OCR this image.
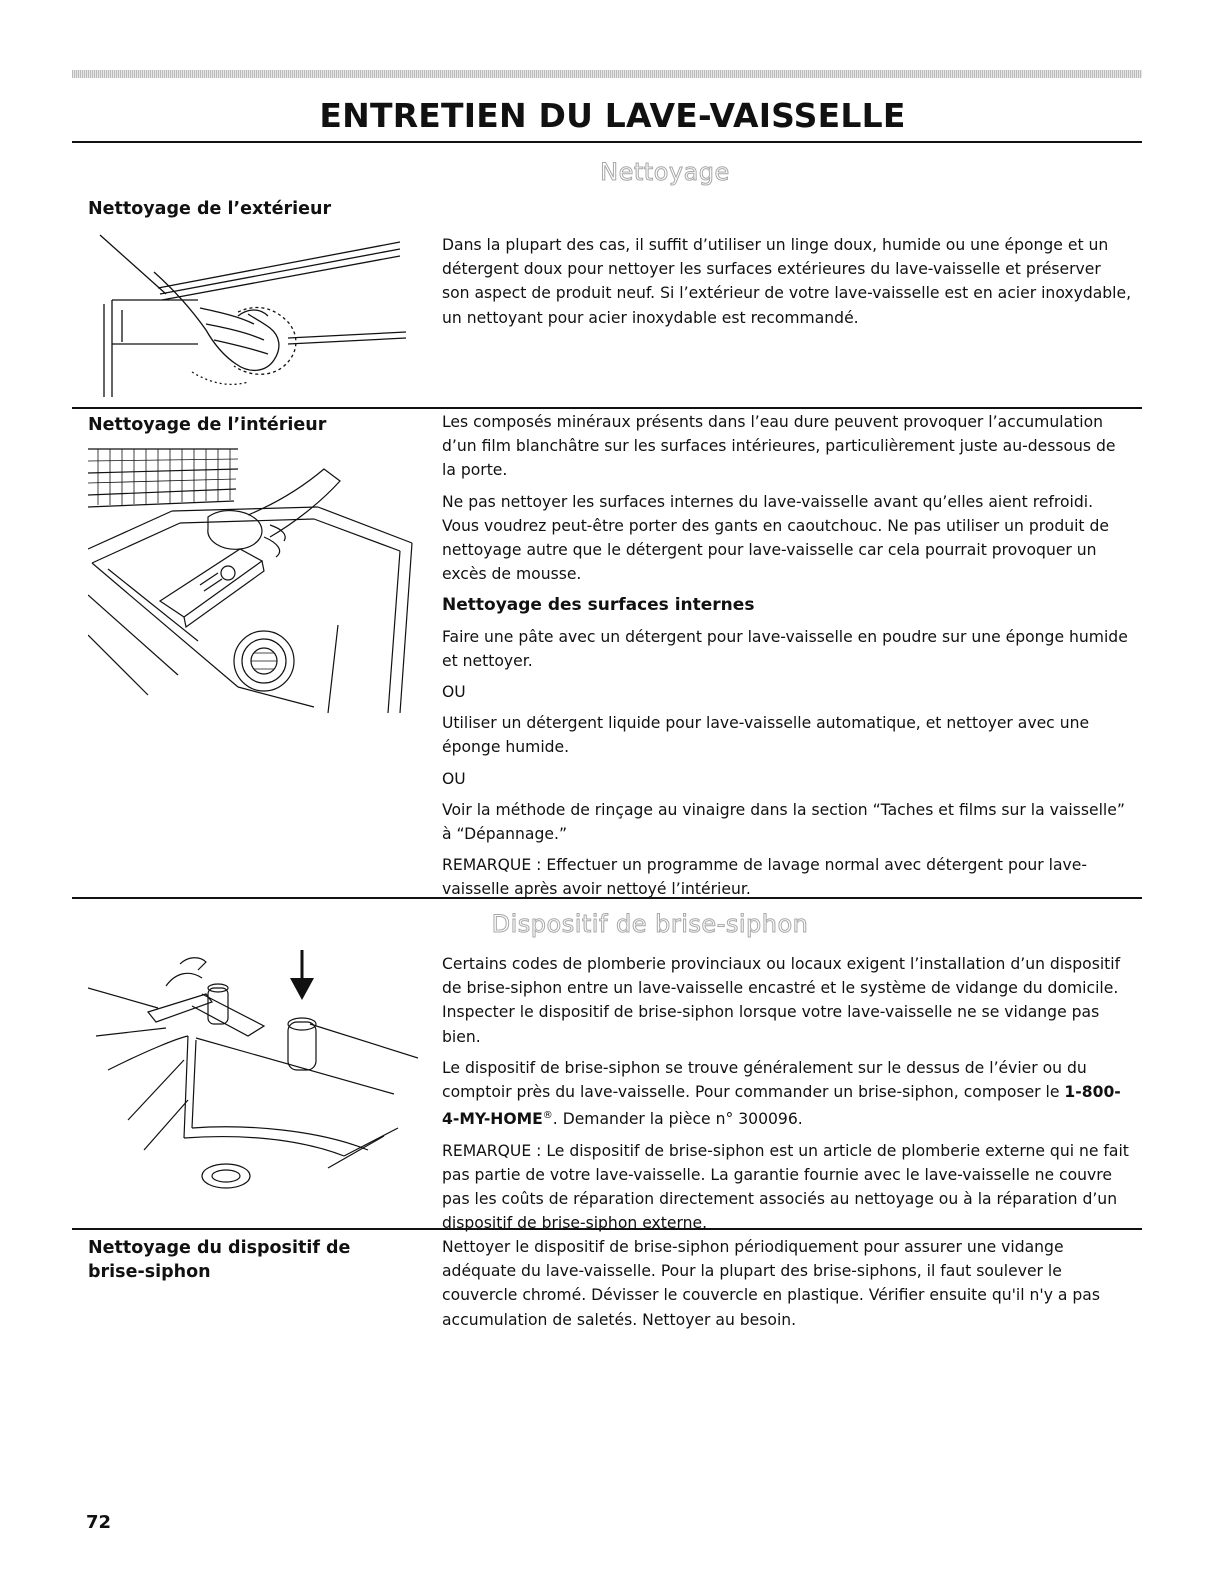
ENTRETIEN DU LAVE-VAISSELLE
Nettoyage
Nettoyage de l’extérieur

Dans la plupart des cas, il suffit d’utiliser un linge doux, humide ou une éponge et un détergent doux pour nettoyer les surfaces extérieures du lave-vaisselle et préserver son aspect de produit neuf. Si l’extérieur de votre lave-vaisselle est en acier inoxydable, un nettoyant pour acier inoxydable est recommandé.

Nettoyage de l’intérieur	Les composés minéraux présents dans l’eau dure peuvent provoquer l’accumulation d’un film blanchâtre sur les surfaces intérieures, particulièrement juste au-dessous de la porte.

Ne pas nettoyer les surfaces internes du lave-vaisselle avant qu’elles aient refroidi. Vous voudrez peut-être porter des gants en caoutchouc. Ne pas utiliser un produit de nettoyage autre que le détergent pour lave-vaisselle car cela pourrait provoquer un excès de mousse.

Nettoyage des surfaces internes

Faire une pâte avec un détergent pour lave-vaisselle en poudre sur une éponge humide et nettoyer.

OU

Utiliser un détergent liquide pour lave-vaisselle automatique, et nettoyer avec une éponge humide.

OU

Voir la méthode de rinçage au vinaigre dans la section “Taches et films sur la vaisselle” à “Dépannage.”

REMARQUE : Effectuer un programme de lavage normal avec détergent pour lave-vaisselle après avoir nettoyé l’intérieur.

Dispositif de brise-siphon

Certains codes de plomberie provinciaux ou locaux exigent l’installation d’un dispositif de brise-siphon entre un lave-vaisselle encastré et le système de vidange du domicile. Inspecter le dispositif de brise-siphon lorsque votre lave-vaisselle ne se vidange pas bien.

Le dispositif de brise-siphon se trouve généralement sur le dessus de l’évier ou du comptoir près du lave-vaisselle. Pour commander un brise-siphon, composer le 1-800-4-MY-HOME®. Demander la pièce n° 300096.

REMARQUE : Le dispositif de brise-siphon est un article de plomberie externe qui ne fait pas partie de votre lave-vaisselle. La garantie fournie avec le lave-vaisselle ne couvre pas les coûts de réparation directement associés au nettoyage ou à la réparation d’un dispositif de brise-siphon externe.

Nettoyage du dispositif de brise-siphon

Nettoyer le dispositif de brise-siphon périodiquement pour assurer une vidange adéquate du lave-vaisselle. Pour la plupart des brise-siphons, il faut soulever le couvercle chromé. Dévisser le couvercle en plastique. Vérifier ensuite qu'il n'y a pas accumulation de saletés. Nettoyer au besoin.

72
